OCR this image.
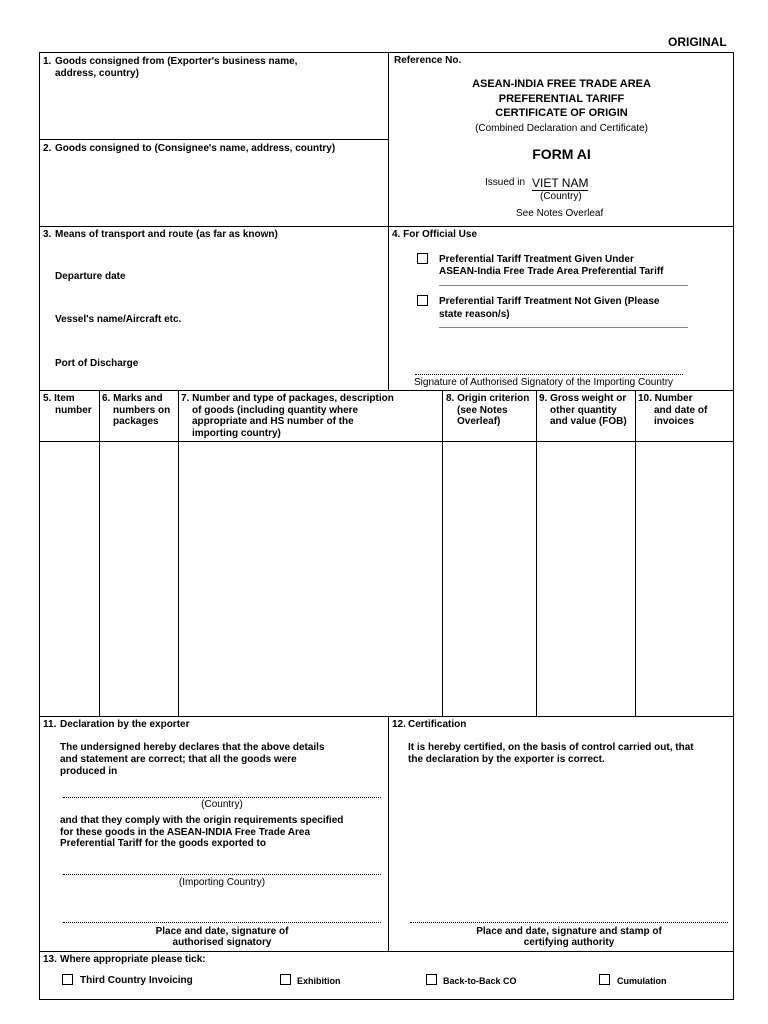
ORIGINAL
1. Goods consigned from (Exporter's business name,
address, country)
2. Goods consigned to (Consignee's name, address, country)
Reference No.
ASEAN-INDIA FREE TRADE AREA
PREFERENTIAL TARIFF
CERTIFICATE OF ORIGIN
(Combined Declaration and Certificate)
FORM AI
Issued in VIET NAM
(Country)
See Notes Overleaf
3. Means of transport and route (as far as known)
Departure date
Vessel's name/Aircraft etc.
Port of Discharge
4. For Official Use
Preferential Tariff Treatment Given Under
ASEAN-India Free Trade Area Preferential Tariff
Preferential Tariff Treatment Not Given (Please
state reason/s)
Signature of Authorised Signatory of the Importing Country
5. Item
number
6. Marks and
numbers on
packages
7. Number and type of packages, description
of goods (including quantity where
appropriate and HS number of the
importing country)
8. Origin criterion
(see Notes
Overleaf)
9. Gross weight or
other quantity
and value (FOB)
10. Number
and date of
invoices
11. Declaration by the exporter
The undersigned hereby declares that the above details
and statement are correct; that all the goods were
produced in
(Country)
and that they comply with the origin requirements specified
for these goods in the ASEAN-INDIA Free Trade Area
Preferential Tariff for the goods exported to
(Importing Country)
Place and date, signature of
authorised signatory
12. Certification
It is hereby certified, on the basis of control carried out, that
the declaration by the exporter is correct.
Place and date, signature and stamp of
certifying authority
13. Where appropriate please tick:
Third Country Invoicing	Exhibition	Back-to-Back CO	Cumulation
